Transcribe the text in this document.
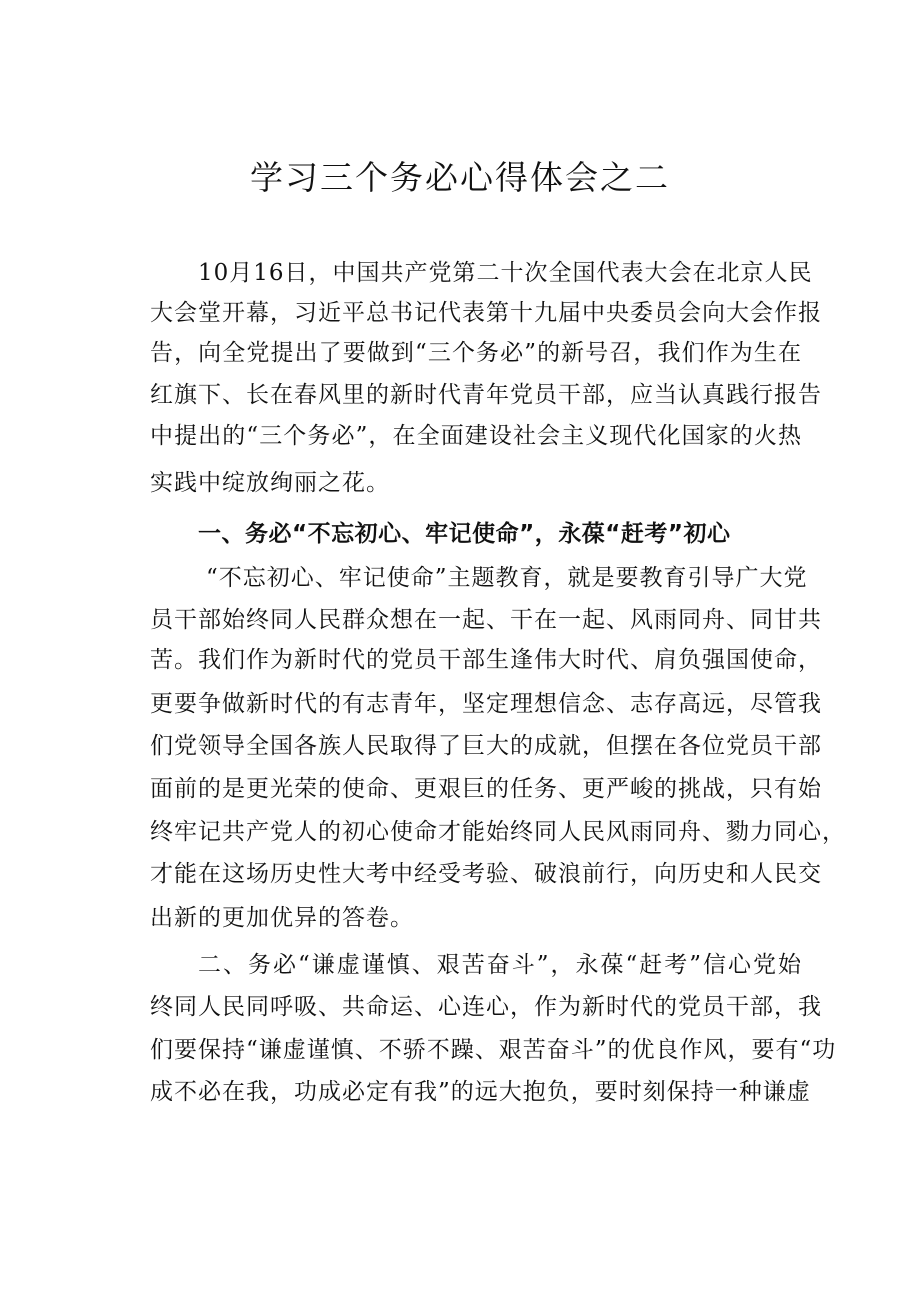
学习三个务必心得体会之二
10月16日，中国共产党第二十次全国代表大会在北京人民
大会堂开幕，习近平总书记代表第十九届中央委员会向大会作报
告，向全党提出了要做到“三个务必”的新号召，我们作为生在
红旗下、长在春风里的新时代青年党员干部，应当认真践行报告
中提出的“三个务必”，在全面建设社会主义现代化国家的火热
实践中绽放绚丽之花。
一、务必“不忘初心、牢记使命”，永葆“赶考”初心
“不忘初心、牢记使命”主题教育，就是要教育引导广大党
员干部始终同人民群众想在一起、干在一起、风雨同舟、同甘共
苦。我们作为新时代的党员干部生逢伟大时代、肩负强国使命，
更要争做新时代的有志青年，坚定理想信念、志存高远，尽管我
们党领导全国各族人民取得了巨大的成就，但摆在各位党员干部
面前的是更光荣的使命、更艰巨的任务、更严峻的挑战，只有始
终牢记共产党人的初心使命才能始终同人民风雨同舟、勠力同心，
才能在这场历史性大考中经受考验、破浪前行，向历史和人民交
出新的更加优异的答卷。
二、务必“谦虚谨慎、艰苦奋斗”，永葆“赶考”信心党始
终同人民同呼吸、共命运、心连心，作为新时代的党员干部，我
们要保持“谦虚谨慎、不骄不躁、艰苦奋斗”的优良作风，要有“功
成不必在我，功成必定有我”的远大抱负，要时刻保持一种谦虚
